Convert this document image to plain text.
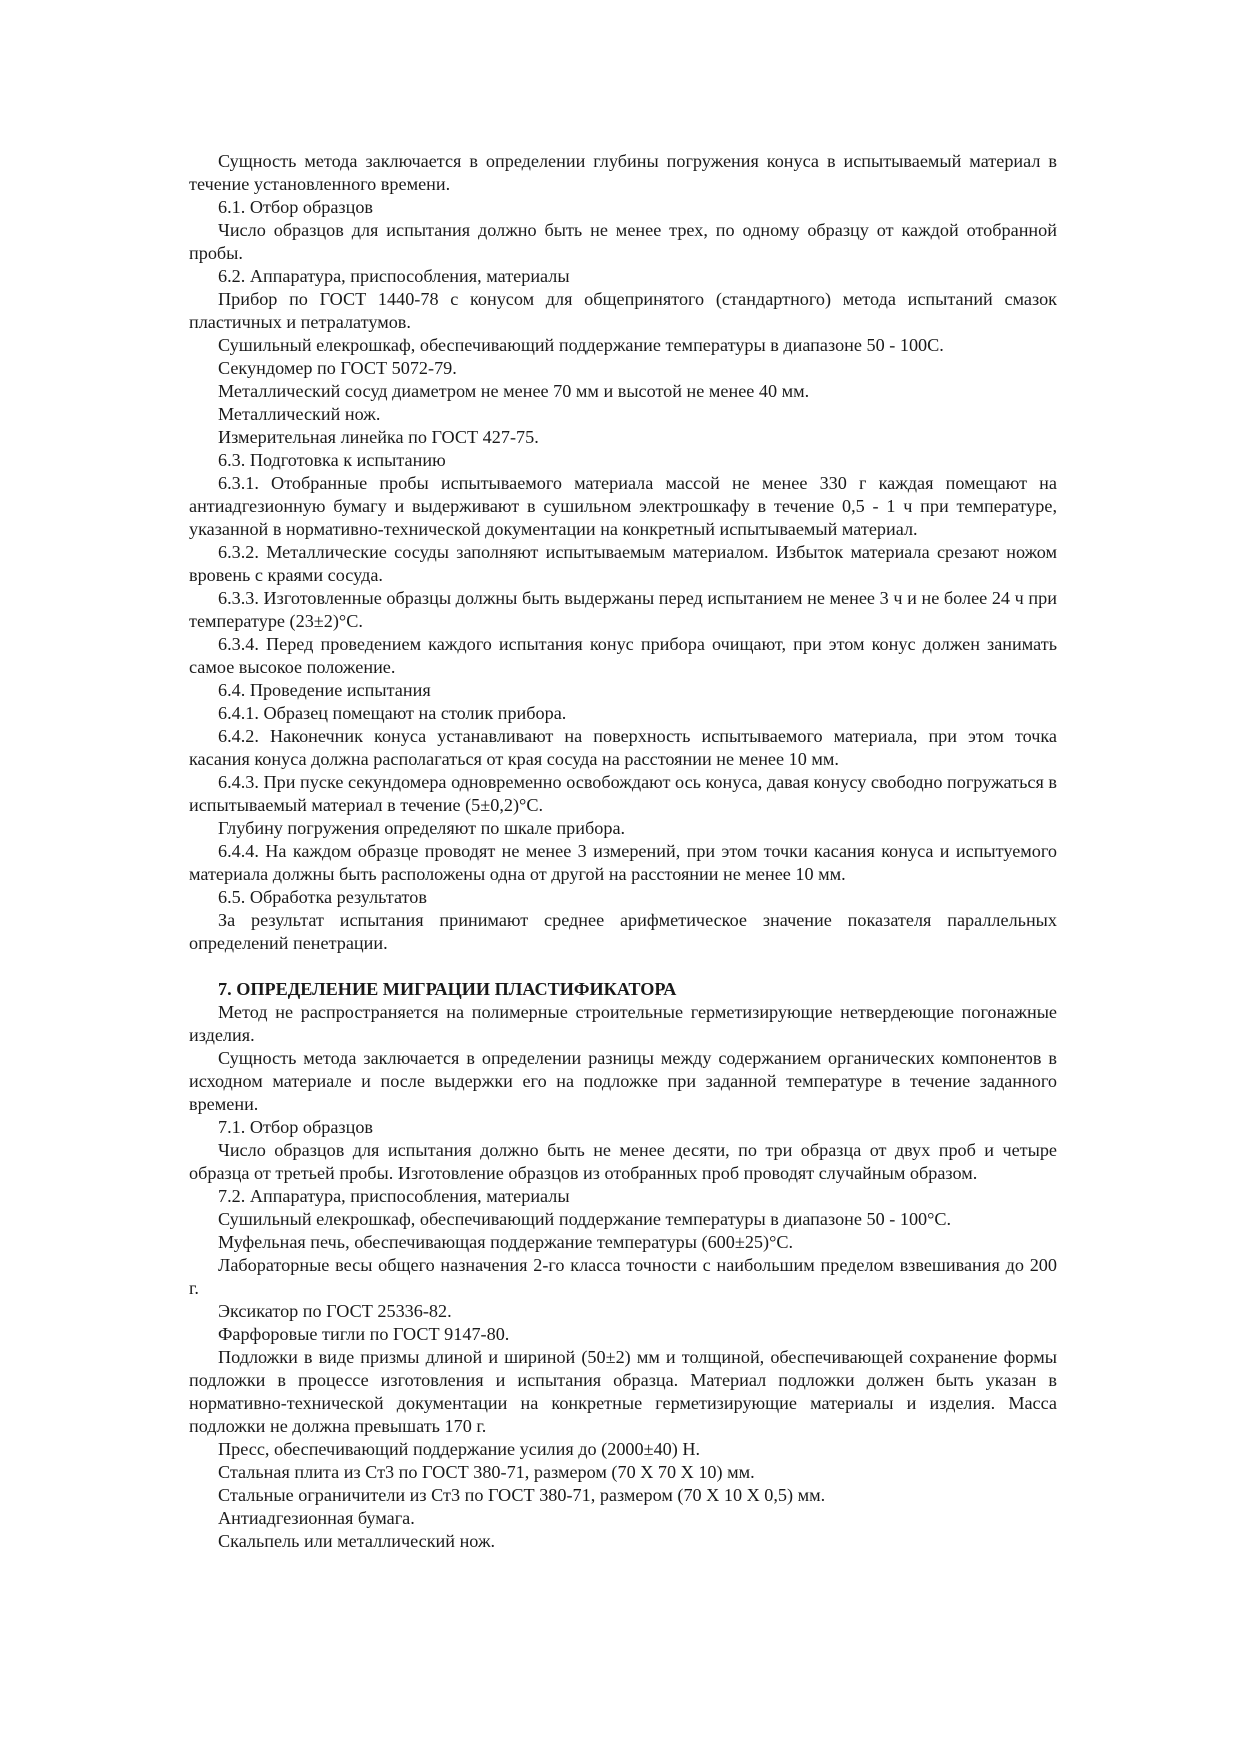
Сущность метода заключается в определении глубины погружения конуса в испытываемый материал в течение установленного времени.

6.1. Отбор образцов

Число образцов для испытания должно быть не менее трех, по одному образцу от каждой отобранной пробы.

6.2. Аппаратура, приспособления, материалы

Прибор по ГОСТ 1440-78 с конусом для общепринятого (стандартного) метода испытаний смазок пластичных и петралатумов.

Сушильный елекрошкаф, обеспечивающий поддержание температуры в диапазоне 50 - 100С.

Секундомер по ГОСТ 5072-79.

Металлический сосуд диаметром не менее 70 мм и высотой не менее 40 мм.

Металлический нож.

Измерительная линейка по ГОСТ 427-75.

6.3. Подготовка к испытанию

6.3.1. Отобранные пробы испытываемого материала массой не менее 330 г каждая помещают на антиадгезионную бумагу и выдерживают в сушильном электрошкафу в течение 0,5 - 1 ч при температуре, указанной в нормативно-технической документации на конкретный испытываемый материал.

6.3.2. Металлические сосуды заполняют испытываемым материалом. Избыток материала срезают ножом вровень с краями сосуда.

6.3.3. Изготовленные образцы должны быть выдержаны перед испытанием не менее 3 ч и не более 24 ч при температуре (23±2)°С.

6.3.4. Перед проведением каждого испытания конус прибора очищают, при этом конус должен занимать самое высокое положение.

6.4. Проведение испытания

6.4.1. Образец помещают на столик прибора.

6.4.2. Наконечник конуса устанавливают на поверхность испытываемого материала, при этом точка касания конуса должна располагаться от края сосуда на расстоянии не менее 10 мм.

6.4.3. При пуске секундомера одновременно освобождают ось конуса, давая конусу свободно погружаться в испытываемый материал в течение (5±0,2)°С.

Глубину погружения определяют по шкале прибора.

6.4.4. На каждом образце проводят не менее 3 измерений, при этом точки касания конуса и испытуемого материала должны быть расположены одна от другой на расстоянии не менее 10 мм.

6.5. Обработка результатов

За результат испытания принимают среднее арифметическое значение показателя параллельных определений пенетрации.

7. ОПРЕДЕЛЕНИЕ МИГРАЦИИ ПЛАСТИФИКАТОРА

Метод не распространяется на полимерные строительные герметизирующие нетвердеющие погонажные изделия.

Сущность метода заключается в определении разницы между содержанием органических компонентов в исходном материале и после выдержки его на подложке при заданной температуре в течение заданного времени.

7.1. Отбор образцов

Число образцов для испытания должно быть не менее десяти, по три образца от двух проб и четыре образца от третьей пробы. Изготовление образцов из отобранных проб проводят случайным образом.

7.2. Аппаратура, приспособления, материалы

Сушильный елекрошкаф, обеспечивающий поддержание температуры в диапазоне 50 - 100°С.

Муфельная печь, обеспечивающая поддержание температуры (600±25)°С.

Лабораторные весы общего назначения 2-го класса точности с наибольшим пределом взвешивания до 200 г.

Эксикатор по ГОСТ 25336-82.

Фарфоровые тигли по ГОСТ 9147-80.

Подложки в виде призмы длиной и шириной (50±2) мм и толщиной, обеспечивающей сохранение формы подложки в процессе изготовления и испытания образца. Материал подложки должен быть указан в нормативно-технической документации на конкретные герметизирующие материалы и изделия. Масса подложки не должна превышать 170 г.

Пресс, обеспечивающий поддержание усилия до (2000±40) Н.

Стальная плита из Ст3 по ГОСТ 380-71, размером (70 X 70 X 10) мм.

Стальные ограничители из Ст3 по ГОСТ 380-71, размером (70 X 10 X 0,5) мм.

Антиадгезионная бумага.

Скальпель или металлический нож.
